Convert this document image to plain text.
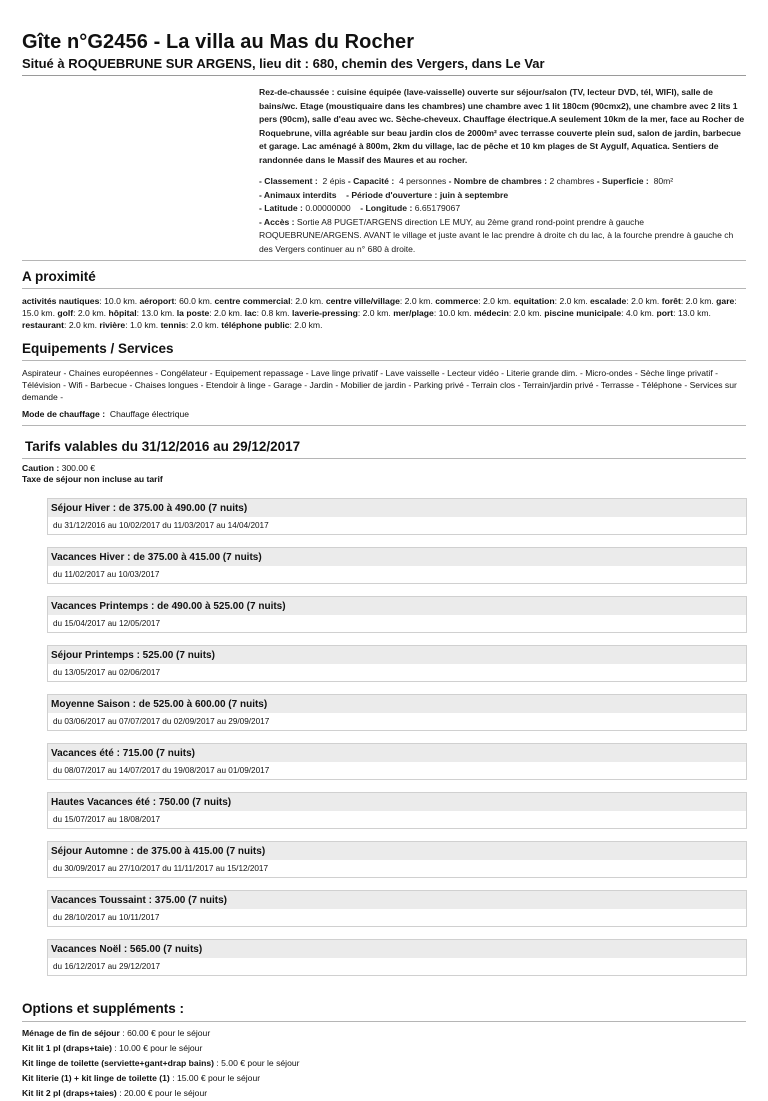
Gîte n°G2456 - La villa au Mas du Rocher
Situé à ROQUEBRUNE SUR ARGENS, lieu dit : 680, chemin des Vergers, dans Le Var
Rez-de-chaussée : cuisine équipée (lave-vaisselle) ouverte sur séjour/salon (TV, lecteur DVD, tél, WIFI), salle de bains/wc. Etage (moustiquaire dans les chambres) une chambre avec 1 lit 180cm (90cmx2), une chambre avec 2 lits 1 pers (90cm), salle d'eau avec wc. Sèche-cheveux. Chauffage électrique.A seulement 10km de la mer, face au Rocher de Roquebrune, villa agréable sur beau jardin clos de 2000m² avec terrasse couverte plein sud, salon de jardin, barbecue et garage. Lac aménagé à 800m, 2km du village, lac de pêche et 10 km plages de St Aygulf, Aquatica. Sentiers de randonnée dans le Massif des Maures et au rocher.
- Classement : 2 épis - Capacité : 4 personnes - Nombre de chambres : 2 chambres - Superficie : 80m²
- Animaux interdits - Période d'ouverture : juin à septembre
- Latitude : 0.00000000 - Longitude : 6.65179067
- Accès : Sortie A8 PUGET/ARGENS direction LE MUY, au 2ème grand rond-point prendre à gauche ROQUEBRUNE/ARGENS. AVANT le village et juste avant le lac prendre à droite ch du lac, à la fourche prendre à gauche ch des Vergers continuer au n° 680 à droite.
A proximité
activités nautiques: 10.0 km. aéroport: 60.0 km. centre commercial: 2.0 km. centre ville/village: 2.0 km. commerce: 2.0 km. equitation: 2.0 km. escalade: 2.0 km. forêt: 2.0 km. gare: 15.0 km. golf: 2.0 km. hôpital: 13.0 km. la poste: 2.0 km. lac: 0.8 km. laverie-pressing: 2.0 km. mer/plage: 10.0 km. médecin: 2.0 km. piscine municipale: 4.0 km. port: 13.0 km. restaurant: 2.0 km. rivière: 1.0 km. tennis: 2.0 km. téléphone public: 2.0 km.
Equipements / Services
Aspirateur - Chaines européennes - Congélateur - Equipement repassage - Lave linge privatif - Lave vaisselle - Lecteur vidéo - Literie grande dim. - Micro-ondes - Sèche linge privatif - Télévision - Wifi - Barbecue - Chaises longues - Etendoir à linge - Garage - Jardin - Mobilier de jardin - Parking privé - Terrain clos - Terrain/jardin privé - Terrasse - Téléphone - Services sur demande -
Mode de chauffage : Chauffage électrique
Tarifs valables du 31/12/2016 au 29/12/2017
Caution : 300.00 €
Taxe de séjour non incluse au tarif
Séjour Hiver : de 375.00 à 490.00 (7 nuits)
du 31/12/2016 au 10/02/2017 du 11/03/2017 au 14/04/2017
Vacances Hiver : de 375.00 à 415.00 (7 nuits)
du 11/02/2017 au 10/03/2017
Vacances Printemps : de 490.00 à 525.00 (7 nuits)
du 15/04/2017 au 12/05/2017
Séjour Printemps : 525.00 (7 nuits)
du 13/05/2017 au 02/06/2017
Moyenne Saison : de 525.00 à 600.00 (7 nuits)
du 03/06/2017 au 07/07/2017 du 02/09/2017 au 29/09/2017
Vacances été : 715.00 (7 nuits)
du 08/07/2017 au 14/07/2017 du 19/08/2017 au 01/09/2017
Hautes Vacances été : 750.00 (7 nuits)
du 15/07/2017 au 18/08/2017
Séjour Automne : de 375.00 à 415.00 (7 nuits)
du 30/09/2017 au 27/10/2017 du 11/11/2017 au 15/12/2017
Vacances Toussaint : 375.00 (7 nuits)
du 28/10/2017 au 10/11/2017
Vacances Noël : 565.00 (7 nuits)
du 16/12/2017 au 29/12/2017
Options et suppléments :
Ménage de fin de séjour : 60.00 € pour le séjour
Kit lit 1 pl (draps+taie) : 10.00 € pour le séjour
Kit linge de toilette (serviette+gant+drap bains) : 5.00 € pour le séjour
Kit literie (1) + kit linge de toilette (1) : 15.00 € pour le séjour
Kit lit 2 pl (draps+taies) : 20.00 € pour le séjour
